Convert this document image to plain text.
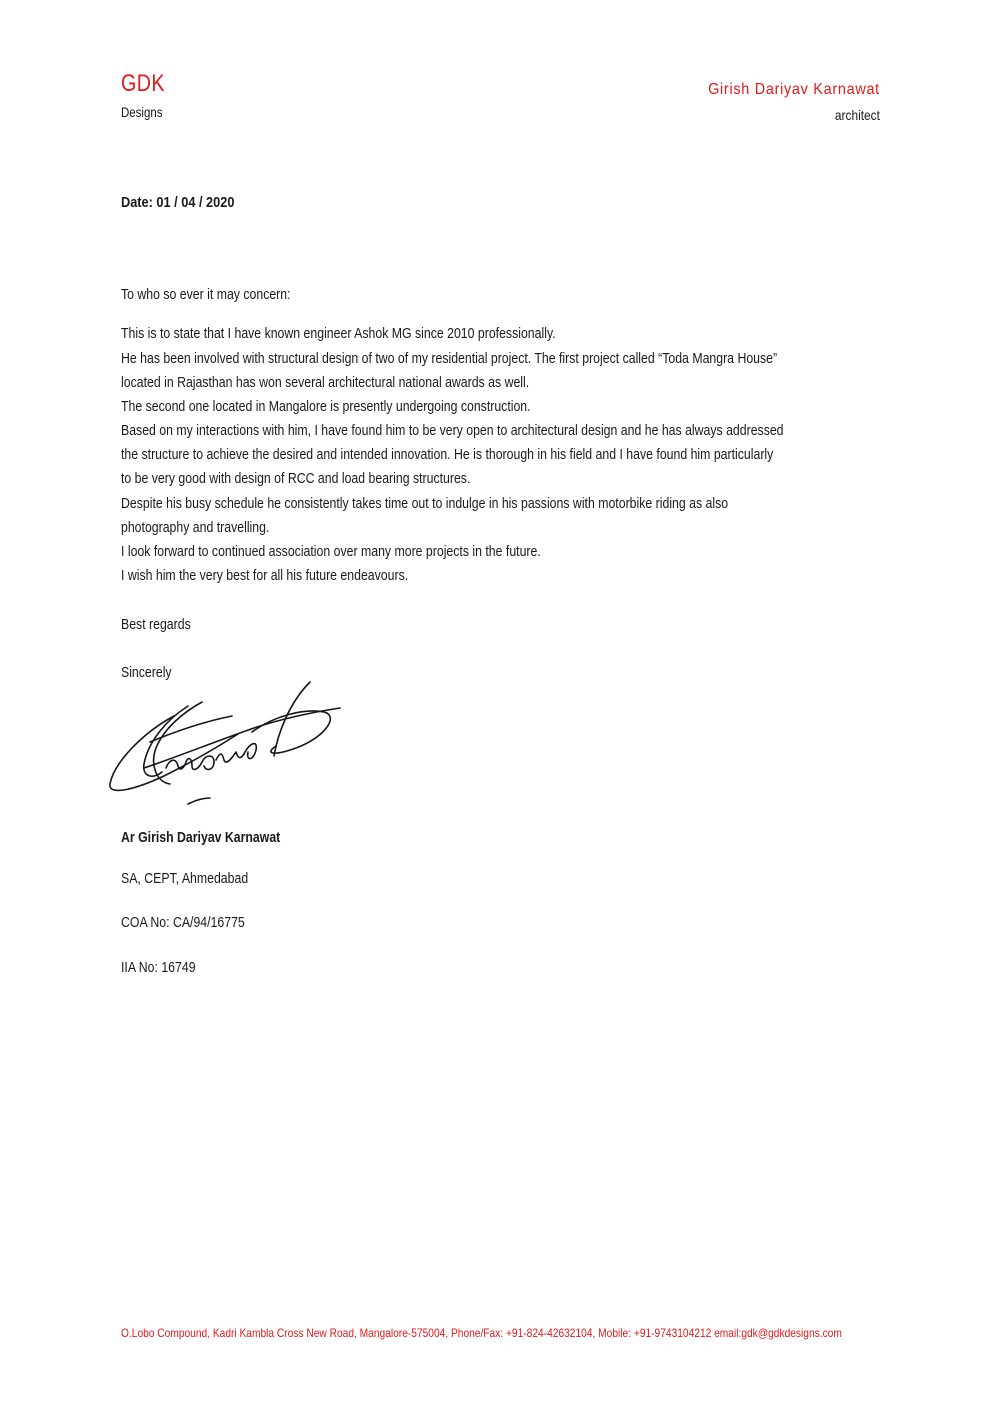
GDK
Designs
Girish Dariyav Karnawat
architect
Date: 01 / 04 / 2020
To who so ever it may concern:
This is to state that I have known engineer Ashok MG since 2010 professionally.
He has been involved with structural design of two of my residential project. The first project called “Toda Mangra House”
located in Rajasthan has won several architectural national awards as well.
The second one located in Mangalore is presently undergoing construction.
Based on my interactions with him, I have found him to be very open to architectural design and he has always addressed
the structure to achieve the desired and intended innovation. He is thorough in his field and I have found him particularly
to be very good with design of RCC and load bearing structures.
Despite his busy schedule he consistently takes time out to indulge in his passions with motorbike riding as also
photography and travelling.
I look forward to continued association over many more projects in the future.
I wish him the very best for all his future endeavours.
Best regards
Sincerely
Ar Girish Dariyav Karnawat
SA, CEPT, Ahmedabad
COA No: CA/94/16775
IIA No: 16749
O.Lobo Compound, Kadri Kambla Cross New Road, Mangalore-575004, Phone/Fax: +91-824-42632104, Mobile: +91-9743104212 email:gdk@gdkdesigns.com
